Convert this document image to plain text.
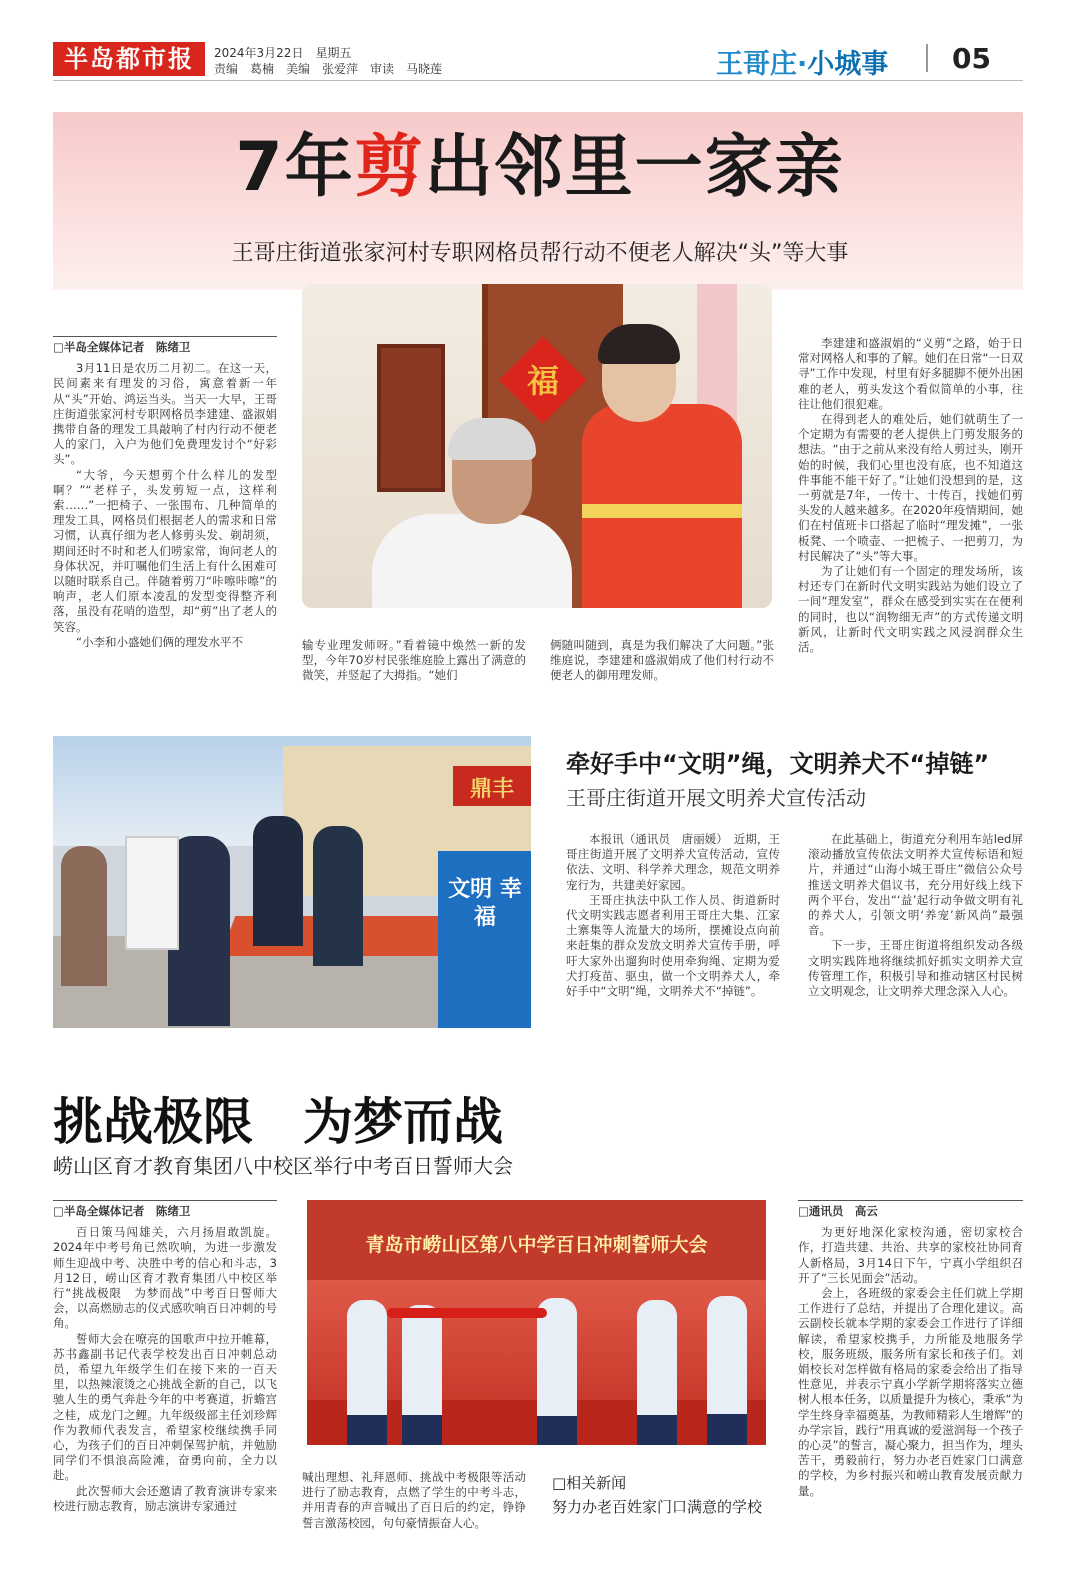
半岛都市报	2024年3月22日　星期五
责编　葛楠　美编　张爱萍　审读　马晓莲	王哥庄·小城事 05
7年剪出邻里一家亲
王哥庄街道张家河村专职网格员帮行动不便老人解决“头”等大事
福

□半岛全媒体记者　陈绪卫

3月11日是农历二月初二。在这一天，民间素来有理发的习俗，寓意着新一年从“头”开始、鸿运当头。当天一大早，王哥庄街道张家河村专职网格员李建建、盛淑娟携带自备的理发工具敲响了村内行动不便老人的家门，入户为他们免费理发讨个“好彩头”。

“大爷，今天想剪个什么样儿的发型啊？”“老样子，头发剪短一点，这样利索……”一把椅子、一张围布、几种简单的理发工具，网格员们根据老人的需求和日常习惯，认真仔细为老人修剪头发、剃胡须，期间还时不时和老人们唠家常，询问老人的身体状况，并叮嘱他们生活上有什么困难可以随时联系自己。伴随着剪刀“咔嚓咔嚓”的响声，老人们原本凌乱的发型变得整齐利落，虽没有花哨的造型，却“剪”出了老人的笑容。

“小李和小盛她们俩的理发水平不	输专业理发师呀。”看着镜中焕然一新的发型，今年70岁村民张维庭脸上露出了满意的微笑，并竖起了大拇指。“她们

俩随叫随到，真是为我们解决了大问题。”张维庭说，李建建和盛淑娟成了他们村行动不便老人的御用理发师。

李建建和盛淑娟的“义剪”之路，始于日常对网格人和事的了解。她们在日常“一日双寻”工作中发现，村里有好多腿脚不便外出困难的老人，剪头发这个看似简单的小事，往往让他们很犯难。

在得到老人的难处后，她们就萌生了一个定期为有需要的老人提供上门剪发服务的想法。“由于之前从来没有给人剪过头，刚开始的时候，我们心里也没有底，也不知道这件事能不能干好了。”让她们没想到的是，这一剪就是7年，一传十、十传百，找她们剪头发的人越来越多。在2020年疫情期间，她们在村值班卡口搭起了临时“理发摊”，一张板凳、一个喷壶、一把梳子、一把剪刀，为村民解决了“头”等大事。

为了让她们有一个固定的理发场所，该村还专门在新时代文明实践站为她们设立了一间“理发室”，群众在感受到实实在在便利的同时，也以“润物细无声”的方式传递文明新风，让新时代文明实践之风浸润群众生活。

鼎丰
文明 幸福
牵好手中“文明”绳，文明养犬不“掉链”
王哥庄街道开展文明养犬宣传活动

本报讯（通讯员　唐丽媛）　近期，王哥庄街道开展了文明养犬宣传活动，宣传依法、文明、科学养犬理念，规范文明养宠行为，共建美好家园。

王哥庄执法中队工作人员、街道新时代文明实践志愿者利用王哥庄大集、江家土寨集等人流量大的场所，摆摊设点向前来赶集的群众发放文明养犬宣传手册，呼吁大家外出遛狗时使用牵狗绳、定期为爱犬打疫苗、驱虫，做一个文明养犬人，牵好手中“文明”绳，文明养犬不“掉链”。

在此基础上，街道充分利用车站led屏滚动播放宣传依法文明养犬宣传标语和短片，并通过“山海小城王哥庄”微信公众号推送文明养犬倡议书，充分用好线上线下两个平台，发出“‘益’起行动争做文明有礼的养犬人，引领文明‘养宠’新风尚”最强音。

下一步，王哥庄街道将组织发动各级文明实践阵地将继续抓好抓实文明养犬宣传管理工作，积极引导和推动辖区村民树立文明观念，让文明养犬理念深入人心。

挑战极限　为梦而战
崂山区育才教育集团八中校区举行中考百日誓师大会
青岛市崂山区第八中学百日冲刺誓师大会

□半岛全媒体记者　陈绪卫

百日策马闯雄关，六月扬眉敢凯旋。2024年中考号角已然吹响，为进一步激发师生迎战中考、决胜中考的信心和斗志，3月12日，崂山区育才教育集团八中校区举行“挑战极限　为梦而战”中考百日誓师大会，以高燃励志的仪式感吹响百日冲刺的号角。

誓师大会在嘹亮的国歌声中拉开帷幕，苏书鑫副书记代表学校发出百日冲刺总动员，希望九年级学生们在接下来的一百天里，以热辣滚烫之心挑战全新的自己，以飞驰人生的勇气奔赴今年的中考赛道，折蟾宫之桂，成龙门之鲤。九年级级部主任刘珍辉作为教师代表发言，希望家校继续携手同心，为孩子们的百日冲刺保驾护航，并勉励同学们不惧浪高险滩，奋勇向前，全力以赴。

此次誓师大会还邀请了教育演讲专家来校进行励志教育，励志演讲专家通过

喊出理想、礼拜恩师、挑战中考极限等活动进行了励志教育，点燃了学生的中考斗志，并用青春的声音喊出了百日后的约定，铮铮誓言激荡校园，句句豪情振奋人心。

□相关新闻
努力办老百姓家门口满意的学校

□通讯员　高云

为更好地深化家校沟通，密切家校合作，打造共建、共治、共享的家校社协同育人新格局，3月14日下午，宁真小学组织召开了“三长见面会”活动。

会上，各班级的家委会主任们就上学期工作进行了总结，并提出了合理化建议。高云副校长就本学期的家委会工作进行了详细解读，希望家校携手，力所能及地服务学校，服务班级，服务所有家长和孩子们。刘娟校长对怎样做有格局的家委会给出了指导性意见，并表示宁真小学新学期将落实立德树人根本任务，以质量提升为核心，秉承“为学生终身幸福奠基，为教师精彩人生增辉”的办学宗旨，践行“用真诚的爱滋润每一个孩子的心灵”的誓言，凝心聚力，担当作为，埋头苦干，勇毅前行，努力办老百姓家门口满意的学校，为乡村振兴和崂山教育发展贡献力量。
